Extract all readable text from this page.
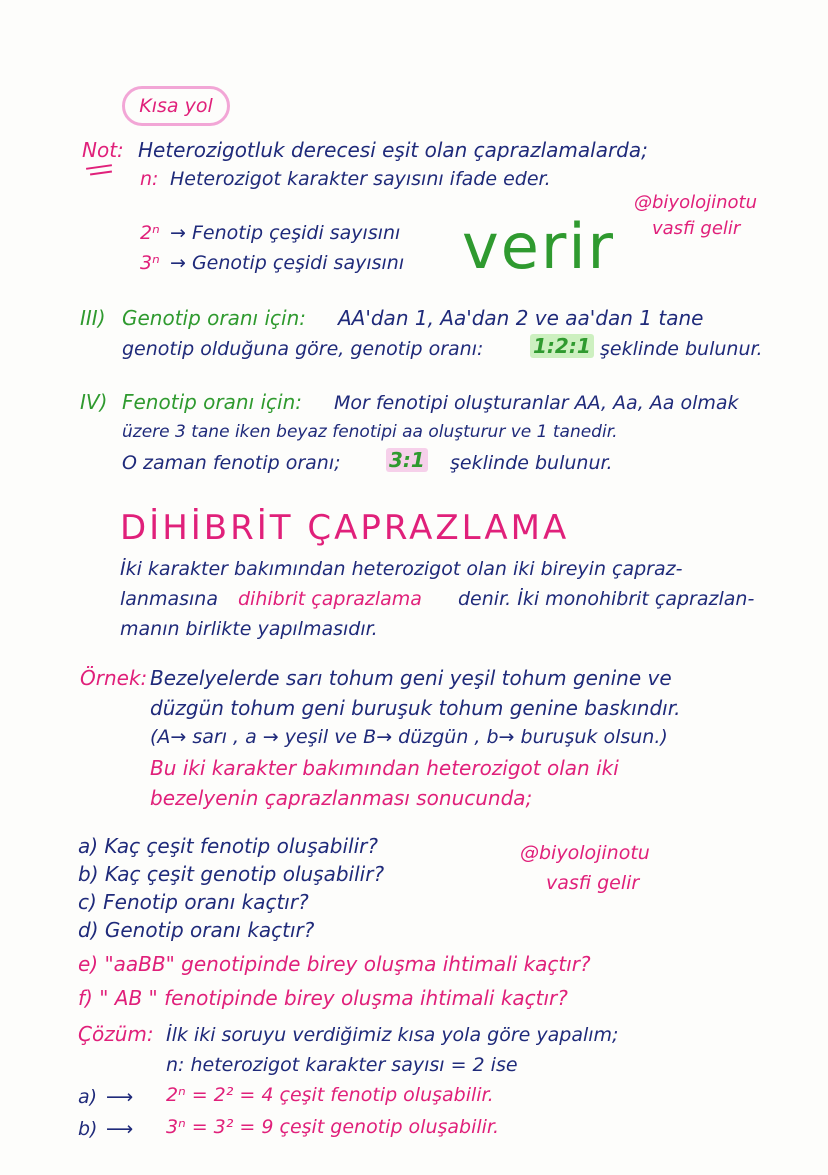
Kısa yol
Not: Heterozigotluk derecesi eşit olan çaprazlamalarda;
n: Heterozigot karakter sayısını ifade eder.
2ⁿ → Fenotip çeşidi sayısını
3ⁿ → Genotip çeşidi sayısını verir
@biyolojinotu
vasfi gelir
III) Genotip oranı için: AA'dan 1, Aa'dan 2 ve aa'dan 1 tane
genotip olduğuna göre, genotip oranı: 1:2:1 şeklinde bulunur.
IV) Fenotip oranı için: Mor fenotipi oluşturanlar AA, Aa, Aa olmak
üzere 3 tane iken beyaz fenotipi aa oluşturur ve 1 tanedir.
O zaman fenotip oranı; 3:1 şeklinde bulunur.
DİHİBRİT ÇAPRAZLAMA
İki karakter bakımından heterozigot olan iki bireyin çapraz-
lanmasına dihibrit çaprazlama denir. İki monohibrit çaprazlan-
manın birlikte yapılmasıdır.
Örnek: Bezelyelerde sarı tohum geni yeşil tohum genine ve
düzgün tohum geni buruşuk tohum genine baskındır.
(A→ sarı , a → yeşil ve B→ düzgün , b→ buruşuk olsun.)
Bu iki karakter bakımından heterozigot olan iki
bezelyenin çaprazlanması sonucunda;
a) Kaç çeşit fenotip oluşabilir?
b) Kaç çeşit genotip oluşabilir?
c) Fenotip oranı kaçtır?
d) Genotip oranı kaçtır?
e) "aaBB" genotipinde birey oluşma ihtimali kaçtır?
f) " AB " fenotipinde birey oluşma ihtimali kaçtır?
@biyolojinotu
vasfi gelir
Çözüm: İlk iki soruyu verdiğimiz kısa yola göre yapalım;
n: heterozigot karakter sayısı = 2 ise
a) ⟶ 2ⁿ = 2² = 4 çeşit fenotip oluşabilir.
b) ⟶ 3ⁿ = 3² = 9 çeşit genotip oluşabilir.
